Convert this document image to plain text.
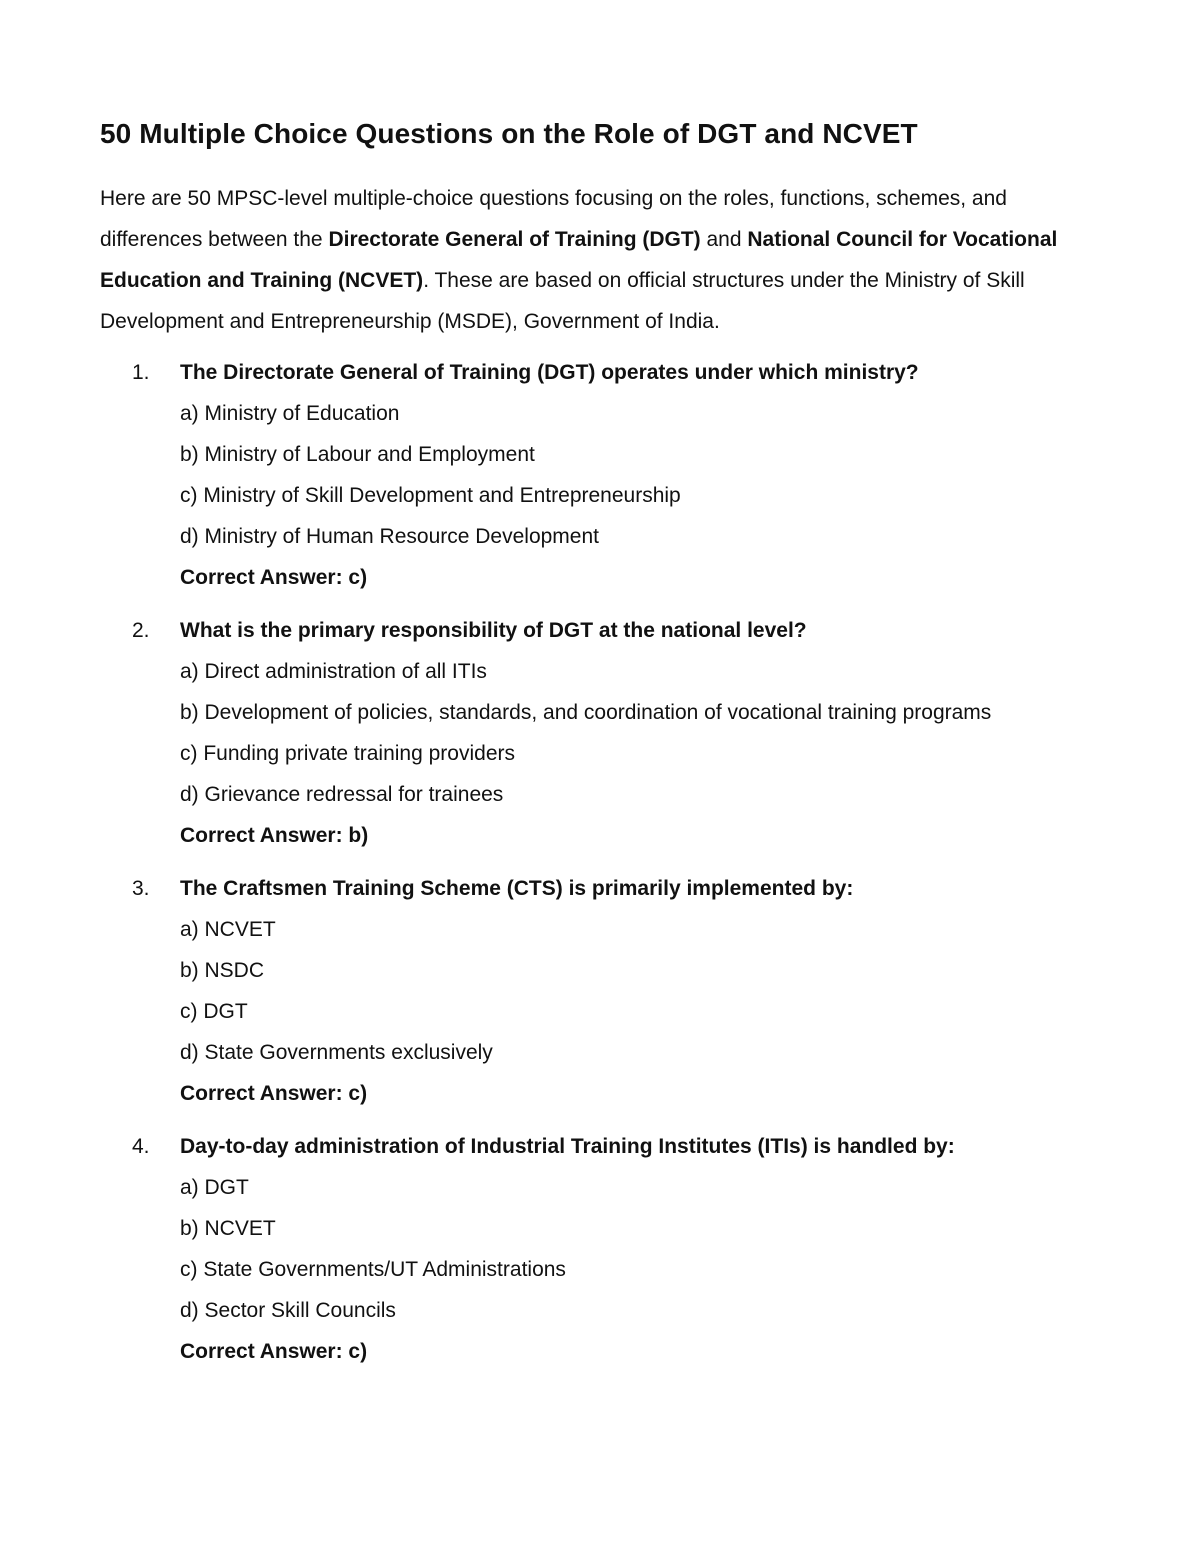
50 Multiple Choice Questions on the Role of DGT and NCVET

Here are 50 MPSC-level multiple-choice questions focusing on the roles, functions, schemes, and differences between the Directorate General of Training (DGT) and National Council for Vocational Education and Training (NCVET). These are based on official structures under the Ministry of Skill Development and Entrepreneurship (MSDE), Government of India.

1. The Directorate General of Training (DGT) operates under which ministry?
a) Ministry of Education
b) Ministry of Labour and Employment
c) Ministry of Skill Development and Entrepreneurship
d) Ministry of Human Resource Development
Correct Answer: c)
2. What is the primary responsibility of DGT at the national level?
a) Direct administration of all ITIs
b) Development of policies, standards, and coordination of vocational training programs
c) Funding private training providers
d) Grievance redressal for trainees
Correct Answer: b)
3. The Craftsmen Training Scheme (CTS) is primarily implemented by:
a) NCVET
b) NSDC
c) DGT
d) State Governments exclusively
Correct Answer: c)
4. Day-to-day administration of Industrial Training Institutes (ITIs) is handled by:
a) DGT
b) NCVET
c) State Governments/UT Administrations
d) Sector Skill Councils
Correct Answer: c)
